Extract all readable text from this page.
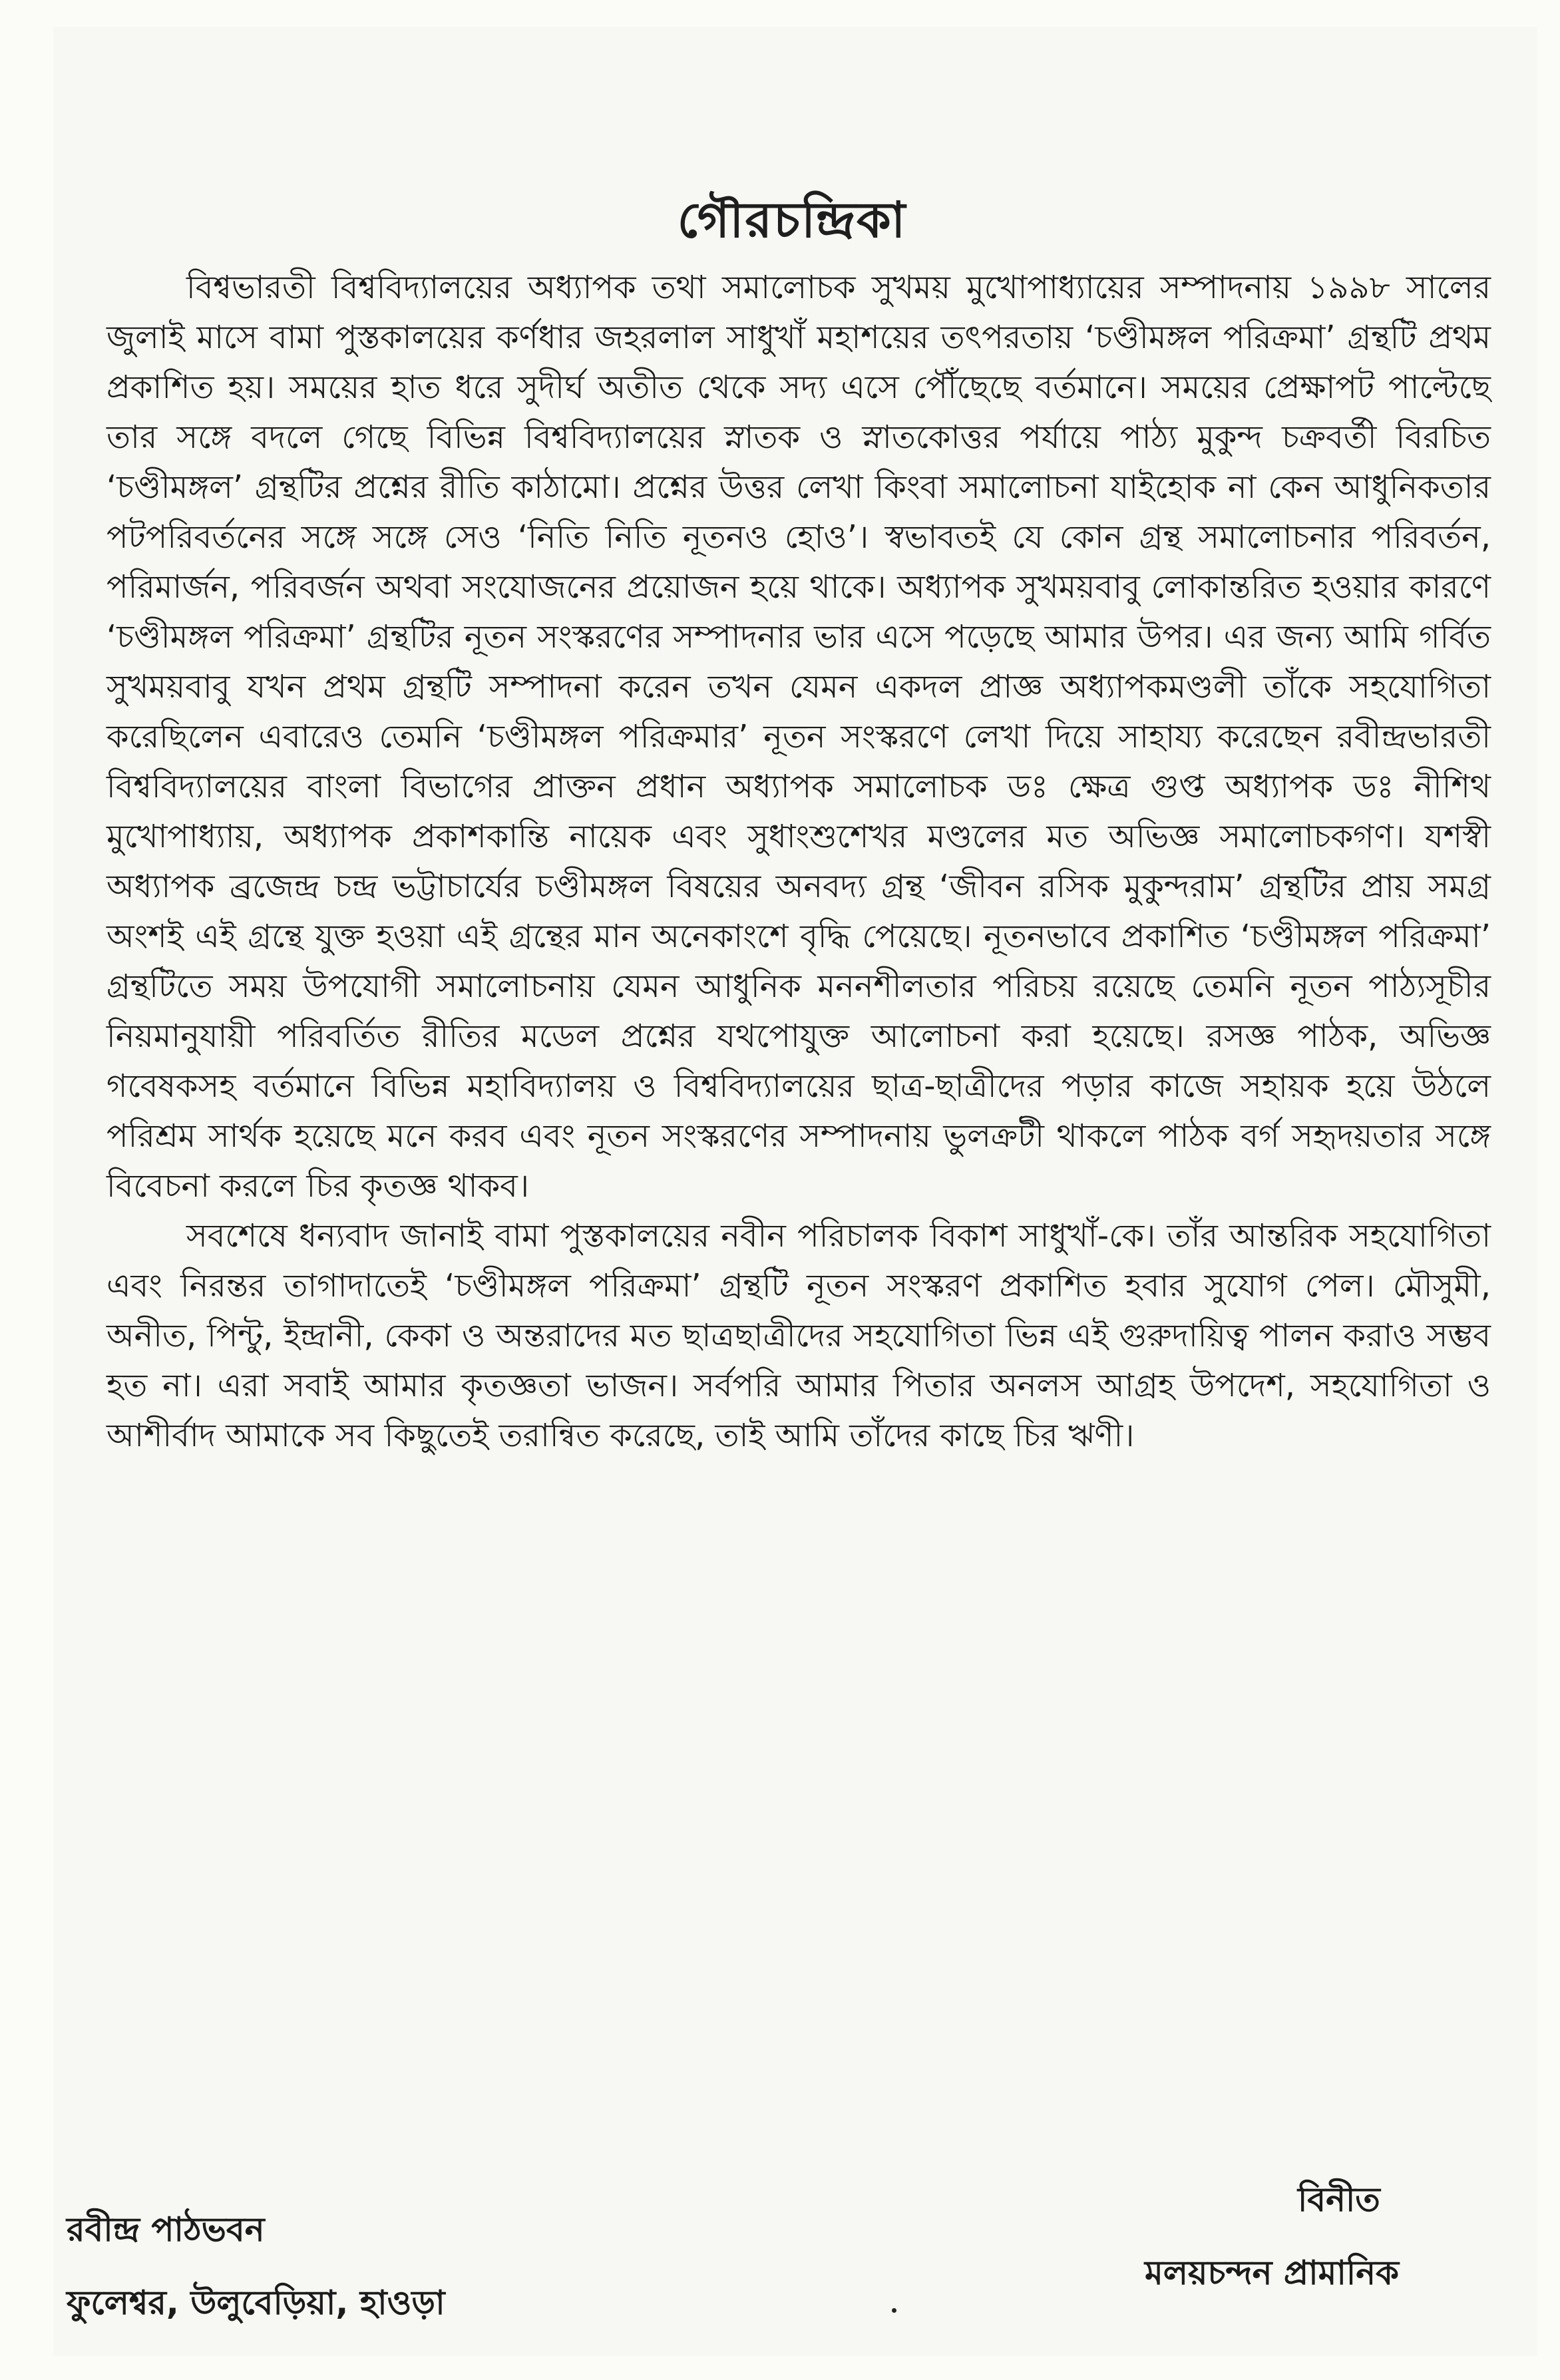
গৌরচন্দ্রিকা

বিশ্বভারতী বিশ্ববিদ্যালয়ের অধ্যাপক তথা সমালোচক সুখময় মুখোপাধ্যায়ের সম্পাদনায় ১৯৯৮ সালের জুলাই মাসে বামা পুস্তকালয়ের কর্ণধার জহরলাল সাধুখাঁ মহাশয়ের তৎপরতায় ‘চণ্ডীমঙ্গল পরিক্রমা’ গ্রন্থটি প্রথম প্রকাশিত হয়। সময়ের হাত ধরে সুদীর্ঘ অতীত থেকে সদ্য এসে পৌঁছেছে বর্তমানে। সময়ের প্রেক্ষাপট পাল্টেছে তার সঙ্গে বদলে গেছে বিভিন্ন বিশ্ববিদ্যালয়ের স্নাতক ও স্নাতকোত্তর পর্যায়ে পাঠ্য মুকুন্দ চক্রবর্তী বিরচিত ‘চণ্ডীমঙ্গল’ গ্রন্থটির প্রশ্নের রীতি কাঠামো। প্রশ্নের উত্তর লেখা কিংবা সমালোচনা যাইহোক না কেন আধুনিকতার পটপরিবর্তনের সঙ্গে সঙ্গে সেও ‘নিতি নিতি নূতনও হোও’। স্বভাবতই যে কোন গ্রন্থ সমালোচনার পরিবর্তন, পরিমার্জন, পরিবর্জন অথবা সংযোজনের প্রয়োজন হয়ে থাকে। অধ্যাপক সুখময়বাবু লোকান্তরিত হওয়ার কারণে ‘চণ্ডীমঙ্গল পরিক্রমা’ গ্রন্থটির নূতন সংস্করণের সম্পাদনার ভার এসে পড়েছে আমার উপর। এর জন্য আমি গর্বিত সুখময়বাবু যখন প্রথম গ্রন্থটি সম্পাদনা করেন তখন যেমন একদল প্রাজ্ঞ অধ্যাপকমণ্ডলী তাঁকে সহযোগিতা করেছিলেন এবারেও তেমনি ‘চণ্ডীমঙ্গল পরিক্রমার’ নূতন সংস্করণে লেখা দিয়ে সাহায্য করেছেন রবীন্দ্রভারতী বিশ্ববিদ্যালয়ের বাংলা বিভাগের প্রাক্তন প্রধান অধ্যাপক সমালোচক ডঃ ক্ষেত্র গুপ্ত অধ্যাপক ডঃ নীশিথ মুখোপাধ্যায়, অধ্যাপক প্রকাশকান্তি নায়েক এবং সুধাংশুশেখর মণ্ডলের মত অভিজ্ঞ সমালোচকগণ। যশস্বী অধ্যাপক ব্রজেন্দ্র চন্দ্র ভট্টাচার্যের চণ্ডীমঙ্গল বিষয়ের অনবদ্য গ্রন্থ ‘জীবন রসিক মুকুন্দরাম’ গ্রন্থটির প্রায় সমগ্র অংশই এই গ্রন্থে যুক্ত হওয়া এই গ্রন্থের মান অনেকাংশে বৃদ্ধি পেয়েছে। নূতনভাবে প্রকাশিত ‘চণ্ডীমঙ্গল পরিক্রমা’ গ্রন্থটিতে সময় উপযোগী সমালোচনায় যেমন আধুনিক মননশীলতার পরিচয় রয়েছে তেমনি নূতন পাঠ্যসূচীর নিয়মানুযায়ী পরিবর্তিত রীতির মডেল প্রশ্নের যথপোযুক্ত আলোচনা করা হয়েছে। রসজ্ঞ পাঠক, অভিজ্ঞ গবেষকসহ বর্তমানে বিভিন্ন মহাবিদ্যালয় ও বিশ্ববিদ্যালয়ের ছাত্র-ছাত্রীদের পড়ার কাজে সহায়ক হয়ে উঠলে পরিশ্রম সার্থক হয়েছে মনে করব এবং নূতন সংস্করণের সম্পাদনায় ভুলক্রটী থাকলে পাঠক বর্গ সহৃদয়তার সঙ্গে বিবেচনা করলে চির কৃতজ্ঞ থাকব।

সবশেষে ধন্যবাদ জানাই বামা পুস্তকালয়ের নবীন পরিচালক বিকাশ সাধুখাঁ-কে। তাঁর আন্তরিক সহযোগিতা এবং নিরন্তর তাগাদাতেই ‘চণ্ডীমঙ্গল পরিক্রমা’ গ্রন্থটি নূতন সংস্করণ প্রকাশিত হবার সুযোগ পেল। মৌসুমী, অনীত, পিন্টু, ইন্দ্রানী, কেকা ও অন্তরাদের মত ছাত্রছাত্রীদের সহযোগিতা ভিন্ন এই গুরুদায়িত্ব পালন করাও সম্ভব হত না। এরা সবাই আমার কৃতজ্ঞতা ভাজন। সর্বপরি আমার পিতার অনলস আগ্রহ উপদেশ, সহযোগিতা ও আশীর্বাদ আমাকে সব কিছুতেই তরান্বিত করেছে, তাই আমি তাঁদের কাছে চির ঋণী।

রবীন্দ্র পাঠভবন
ফুলেশ্বর, উলুবেড়িয়া, হাওড়া
বিনীত
মলয়চন্দন প্রামানিক
